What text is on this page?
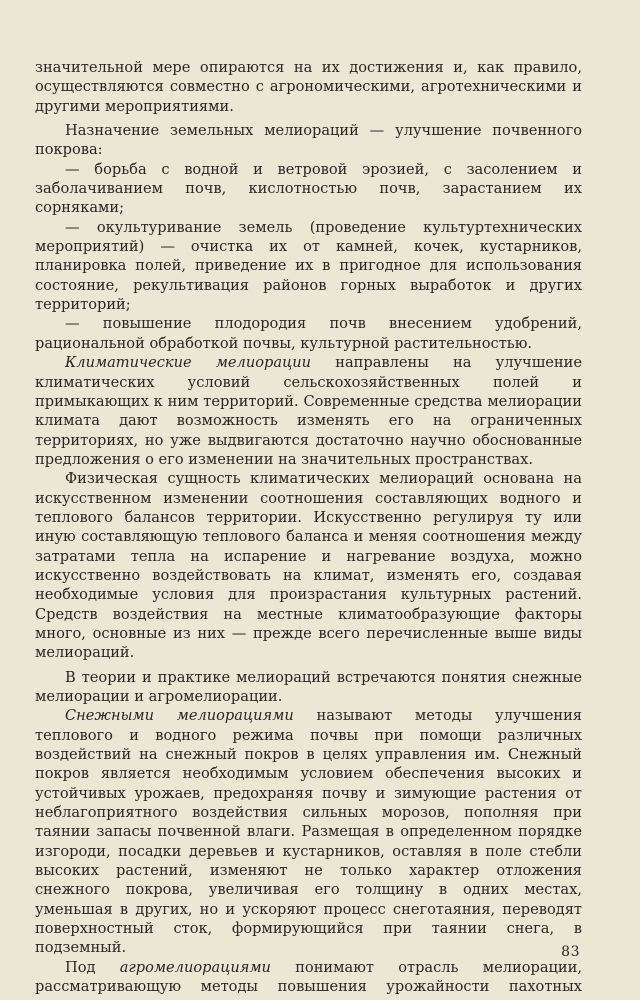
значительной мере опираются на их достижения и, как правило, осуществляются совместно с агрономическими, агротехническими и другими мероприятиями.

Назначение земельных мелиораций — улучшение почвенного покрова:

— борьба с водной и ветровой эрозией, с засолением и заболачиванием почв, кислотностью почв, зарастанием их сорняками;

— окультуривание земель (проведение культуртехнических мероприятий) — очистка их от камней, кочек, кустарников, планировка полей, приведение их в пригодное для использования состояние, рекультивация районов горных выработок и других территорий;

— повышение плодородия почв внесением удобрений, рациональной обработкой почвы, культурной растительностью.

Климатические мелиорации направлены на улучшение климатических условий сельскохозяйственных полей и примыкающих к ним территорий. Современные средства мелиорации климата дают возможность изменять его на ограниченных территориях, но уже выдвигаются достаточно научно обоснованные предложения о его изменении на значительных пространствах.

Физическая сущность климатических мелиораций основана на искусственном изменении соотношения составляющих водного и теплового балансов территории. Искусственно регулируя ту или иную составляющую теплового баланса и меняя соотношения между затратами тепла на испарение и нагревание воздуха, можно искусственно воздействовать на климат, изменять его, создавая необходимые условия для произрастания культурных растений. Средств воздействия на местные климатообразующие факторы много, основные из них — прежде всего перечисленные выше виды мелиораций.

В теории и практике мелиораций встречаются понятия снежные мелиорации и агромелиорации.

Снежными мелиорациями называют методы улучшения теплового и водного режима почвы при помощи различных воздействий на снежный покров в целях управления им. Снежный покров является необходимым условием обеспечения высоких и устойчивых урожаев, предохраняя почву и зимующие растения от неблагоприятного воздействия сильных морозов, пополняя при таянии запасы почвенной влаги. Размещая в определенном порядке изгороди, посадки деревьев и кустарников, оставляя в поле стебли высоких растений, изменяют не только характер отложения снежного покрова, увеличивая его толщину в одних местах, уменьшая в других, но и ускоряют процесс снеготаяния, переводят поверхностный сток, формирующийся при таянии снега, в подземный.

Под агромелиорациями понимают отрасль мелиорации, рассматривающую методы повышения урожайности пахотных

83
